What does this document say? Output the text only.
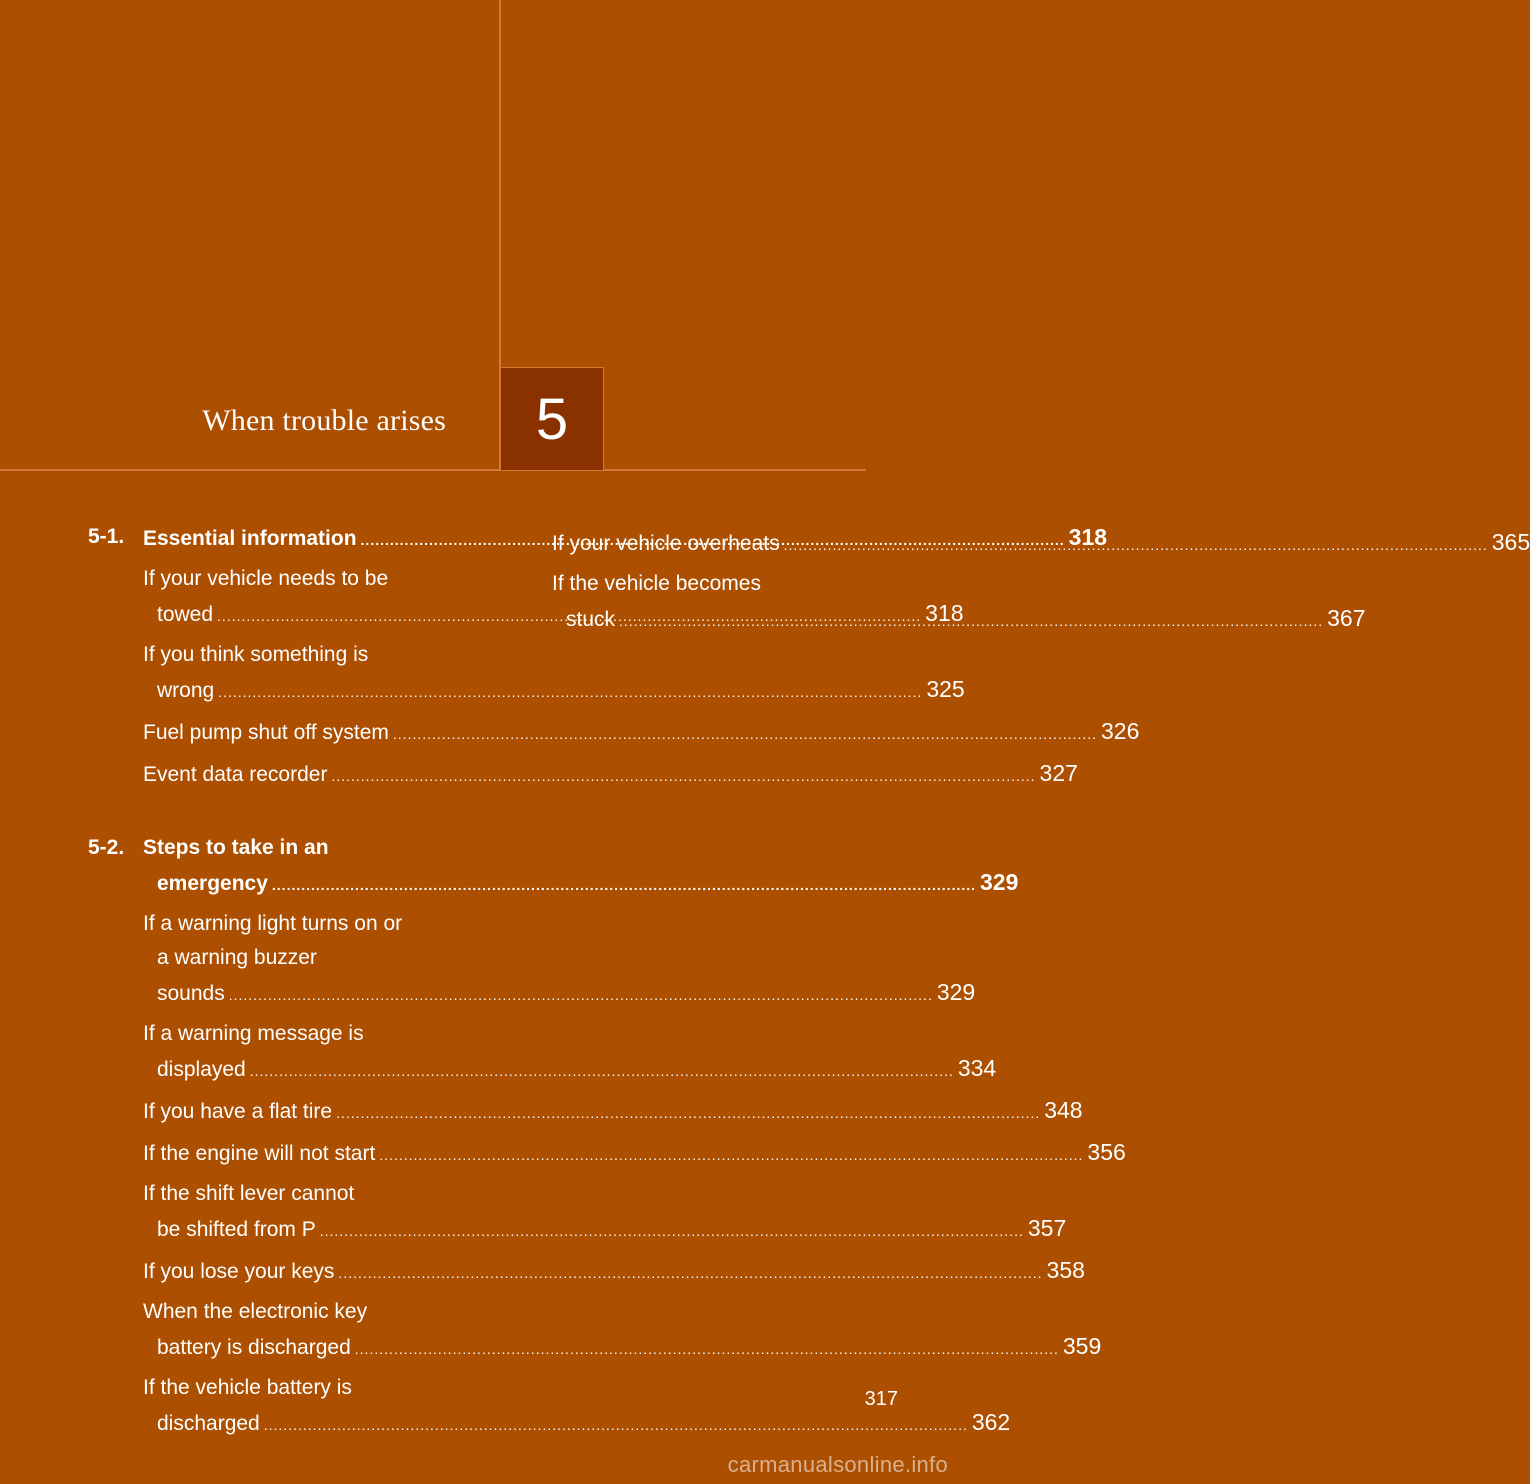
When trouble arises	5
5-1. Essential information .....	318
If your vehicle needs to be
towed .....	318
If you think something is
wrong .....	325
Fuel pump shut off system .....	326
Event data recorder .....	327
5-2. Steps to take in an
emergency .....	329
If a warning light turns on or
a warning buzzer
sounds .....	329
If a warning message is
displayed .....	334
If you have a flat tire .....	348
If the engine will not start .....	356
If the shift lever cannot
be shifted from P .....	357
If you lose your keys .....	358
When the electronic key
battery is discharged .....	359
If the vehicle battery is
discharged .....	362
If your vehicle overheats .....	365
If the vehicle becomes
stuck .....	367
317
carmanualsonline.info
